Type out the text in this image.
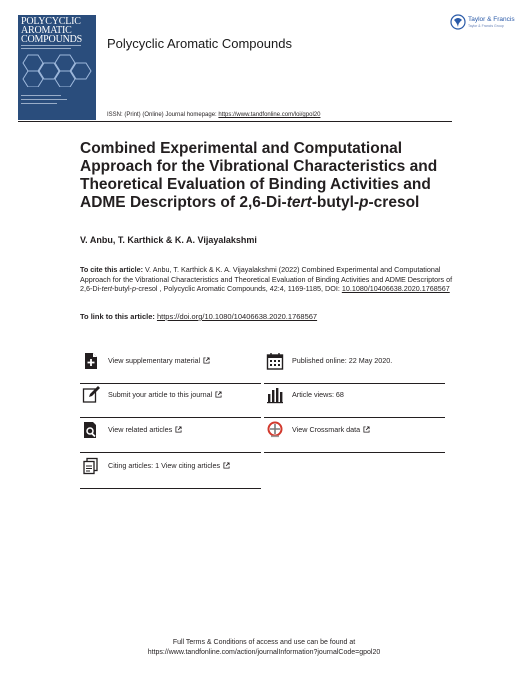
POLYCYCLIC
AROMATIC
COMPOUNDS Polycyclic Aromatic Compounds
Taylor & Francis
Taylor & Francis Group
ISSN: (Print) (Online) Journal homepage: https://www.tandfonline.com/loi/gpol20
Combined Experimental and Computational Approach for the Vibrational Characteristics and Theoretical Evaluation of Binding Activities and ADME Descriptors of 2,6-Di-tert-butyl-p-cresol
V. Anbu, T. Karthick & K. A. Vijayalakshmi
To cite this article: V. Anbu, T. Karthick & K. A. Vijayalakshmi (2022) Combined Experimental and Computational Approach for the Vibrational Characteristics and Theoretical Evaluation of Binding Activities and ADME Descriptors of 2,6-Di-tert-butyl-p-cresol , Polycyclic Aromatic Compounds, 42:4, 1169-1185, DOI: 10.1080/10406638.2020.1768567
To link to this article: https://doi.org/10.1080/10406638.2020.1768567
View supplementary material	Published online: 22 May 2020.
Submit your article to this journal	Article views: 68
View related articles	View Crossmark data
Citing articles: 1 View citing articles
Full Terms & Conditions of access and use can be found at
https://www.tandfonline.com/action/journalInformation?journalCode=gpol20
